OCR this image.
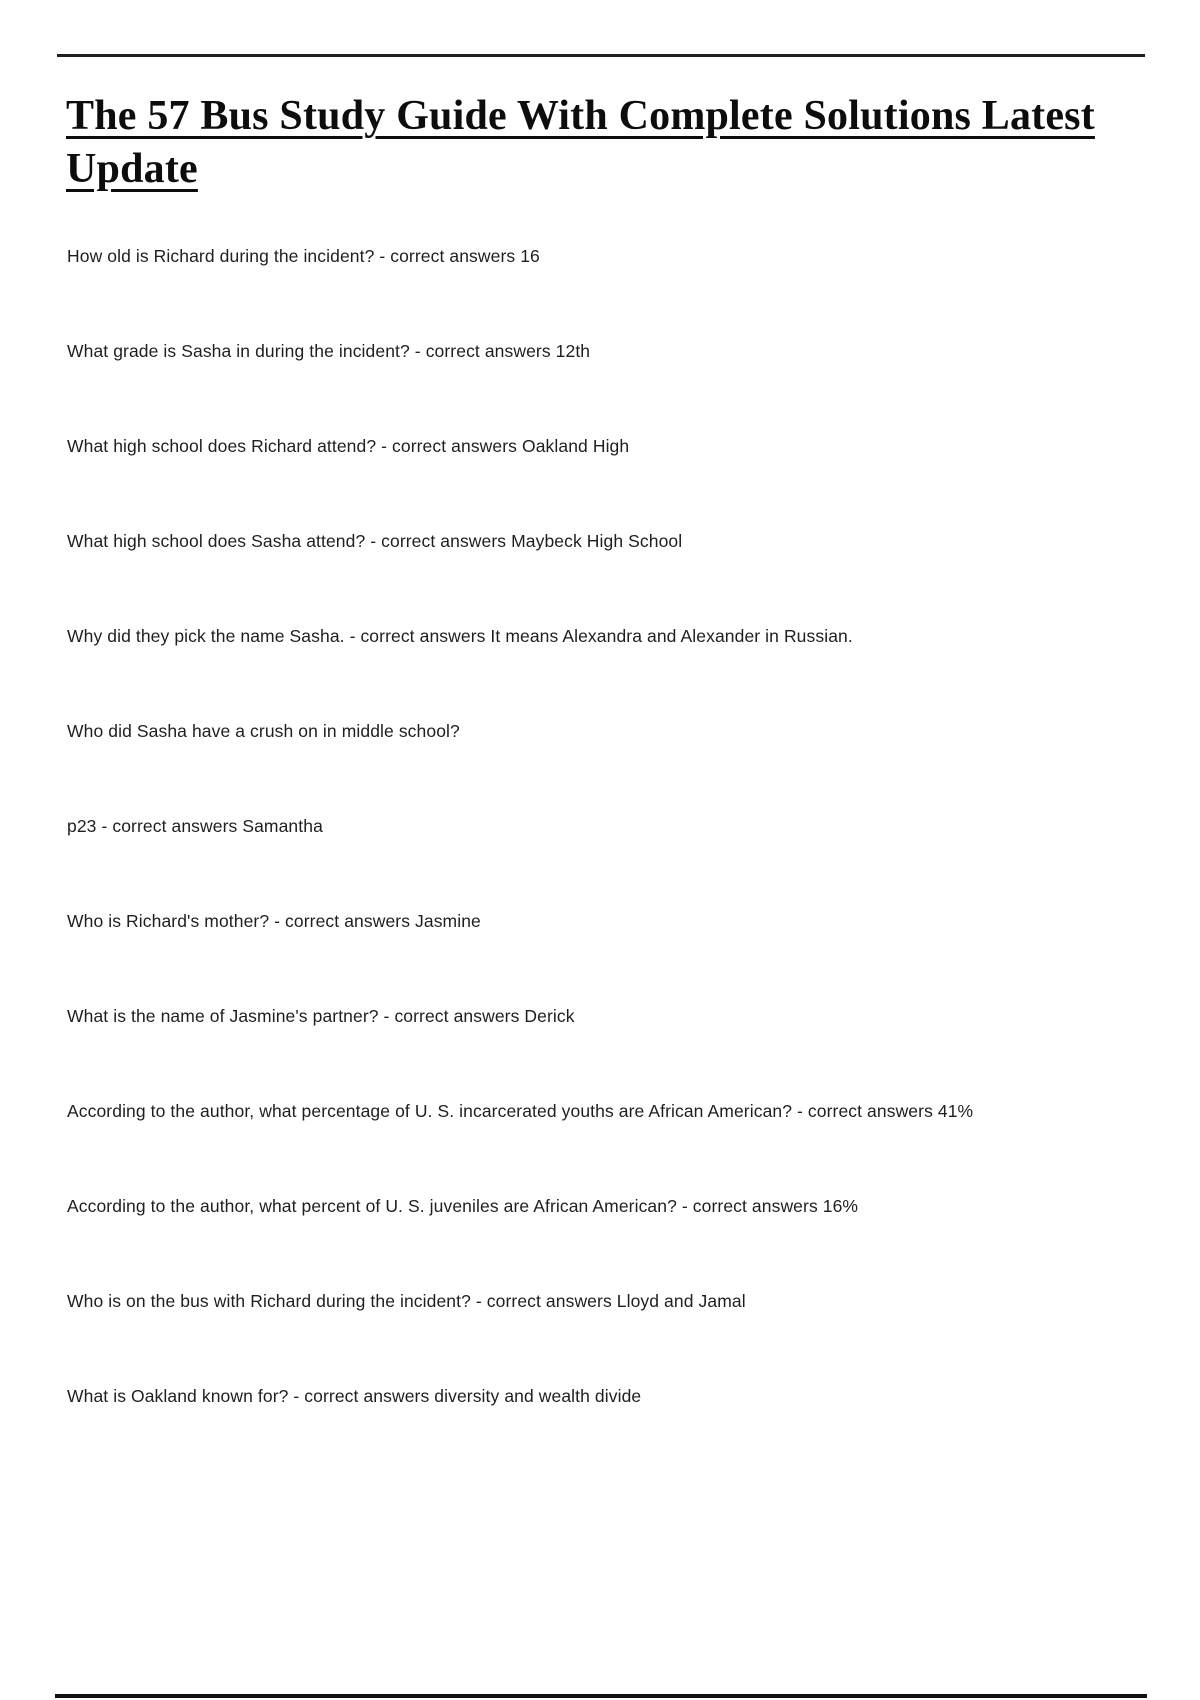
The 57 Bus Study Guide With Complete Solutions Latest Update

How old is Richard during the incident? - correct answers 16

What grade is Sasha in during the incident? - correct answers 12th

What high school does Richard attend? - correct answers Oakland High

What high school does Sasha attend? - correct answers Maybeck High School

Why did they pick the name Sasha. - correct answers It means Alexandra and Alexander in Russian.

Who did Sasha have a crush on in middle school?

p23 - correct answers Samantha

Who is Richard's mother? - correct answers Jasmine

What is the name of Jasmine's partner? - correct answers Derick

According to the author, what percentage of U. S. incarcerated youths are African American? - correct answers 41%

According to the author, what percent of U. S. juveniles are African American? - correct answers 16%

Who is on the bus with Richard during the incident? - correct answers Lloyd and Jamal

What is Oakland known for? - correct answers diversity and wealth divide
